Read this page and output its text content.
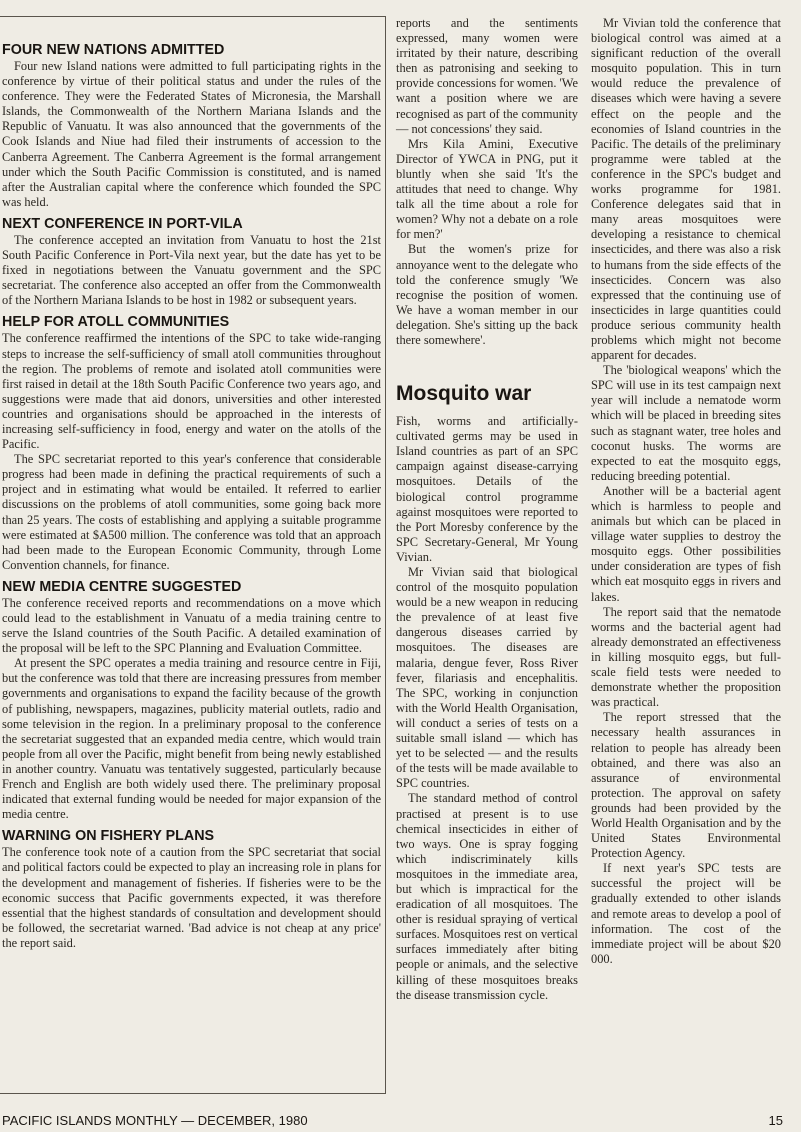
FOUR NEW NATIONS ADMITTED

Four new Island nations were admitted to full participating rights in the conference by virtue of their political status and under the rules of the conference. They were the Federated States of Micronesia, the Marshall Islands, the Commonwealth of the Northern Mariana Islands and the Republic of Vanuatu. It was also announced that the governments of the Cook Islands and Niue had filed their instruments of accession to the Canberra Agreement. The Canberra Agreement is the formal arrangement under which the South Pacific Commission is constituted, and is named after the Australian capital where the conference which founded the SPC was held.

NEXT CONFERENCE IN PORT-VILA

The conference accepted an invitation from Vanuatu to host the 21st South Pacific Conference in Port-Vila next year, but the date has yet to be fixed in negotiations between the Vanuatu government and the SPC secretariat. The conference also accepted an offer from the Commonwealth of the Northern Mariana Islands to be host in 1982 or subsequent years.

HELP FOR ATOLL COMMUNITIES

The conference reaffirmed the intentions of the SPC to take wide-ranging steps to increase the self-sufficiency of small atoll communities throughout the region. The problems of remote and isolated atoll communities were first raised in detail at the 18th South Pacific Conference two years ago, and suggestions were made that aid donors, universities and other interested countries and organisations should be approached in the interests of increasing self-sufficiency in food, energy and water on the atolls of the Pacific.

The SPC secretariat reported to this year's conference that considerable progress had been made in defining the practical requirements of such a project and in estimating what would be entailed. It referred to earlier discussions on the problems of atoll communities, some going back more than 25 years. The costs of establishing and applying a suitable programme were estimated at $A500 million. The conference was told that an approach had been made to the European Economic Community, through Lome Convention channels, for finance.

NEW MEDIA CENTRE SUGGESTED

The conference received reports and recommendations on a move which could lead to the establishment in Vanuatu of a media training centre to serve the Island countries of the South Pacific. A detailed examination of the proposal will be left to the SPC Planning and Evaluation Committee.

At present the SPC operates a media training and resource centre in Fiji, but the conference was told that there are increasing pressures from member governments and organisations to expand the facility because of the growth of publishing, newspapers, magazines, publicity material outlets, radio and some television in the region. In a preliminary proposal to the conference the secretariat suggested that an expanded media centre, which would train people from all over the Pacific, might benefit from being newly established in another country. Vanuatu was tentatively suggested, particularly because French and English are both widely used there. The preliminary proposal indicated that external funding would be needed for major expansion of the media centre.

WARNING ON FISHERY PLANS

The conference took note of a caution from the SPC secretariat that social and political factors could be expected to play an increasing role in plans for the development and management of fisheries. If fisheries were to be the economic success that Pacific governments expected, it was therefore essential that the highest standards of consultation and development should be followed, the secretariat warned. 'Bad advice is not cheap at any price' the report said.

reports and the sentiments expressed, many women were irritated by their nature, describing then as patronising and seeking to provide concessions for women. 'We want a position where we are recognised as part of the community — not concessions' they said.

Mrs Kila Amini, Executive Director of YWCA in PNG, put it bluntly when she said 'It's the attitudes that need to change. Why talk all the time about a role for women? Why not a debate on a role for men?'

But the women's prize for annoyance went to the delegate who told the conference smugly 'We recognise the position of women. We have a woman member in our delegation. She's sitting up the back there somewhere'.

Mosquito war

Fish, worms and artificially-cultivated germs may be used in Island countries as part of an SPC campaign against disease-carrying mosquitoes. Details of the biological control programme against mosquitoes were reported to the Port Moresby conference by the SPC Secretary-General, Mr Young Vivian.

Mr Vivian said that biological control of the mosquito population would be a new weapon in reducing the prevalence of at least five dangerous diseases carried by mosquitoes. The diseases are malaria, dengue fever, Ross River fever, filariasis and encephalitis. The SPC, working in conjunction with the World Health Organisation, will conduct a series of tests on a suitable small island — which has yet to be selected — and the results of the tests will be made available to SPC countries.

The standard method of control practised at present is to use chemical insecticides in either of two ways. One is spray fogging which indiscriminately kills mosquitoes in the immediate area, but which is impractical for the eradication of all mosquitoes. The other is residual spraying of vertical surfaces. Mosquitoes rest on vertical surfaces immediately after biting people or animals, and the selective killing of these mosquitoes breaks the disease transmission cycle.

Mr Vivian told the conference that biological control was aimed at a significant reduction of the overall mosquito population. This in turn would reduce the prevalence of diseases which were having a severe effect on the people and the economies of Island countries in the Pacific. The details of the preliminary programme were tabled at the conference in the SPC's budget and works programme for 1981. Conference delegates said that in many areas mosquitoes were developing a resistance to chemical insecticides, and there was also a risk to humans from the side effects of the insecticides. Concern was also expressed that the continuing use of insecticides in large quantities could produce serious community health problems which might not become apparent for decades.

The 'biological weapons' which the SPC will use in its test campaign next year will include a nematode worm which will be placed in breeding sites such as stagnant water, tree holes and coconut husks. The worms are expected to eat the mosquito eggs, reducing breeding potential.

Another will be a bacterial agent which is harmless to people and animals but which can be placed in village water supplies to destroy the mosquito eggs. Other possibilities under consideration are types of fish which eat mosquito eggs in rivers and lakes.

The report said that the nematode worms and the bacterial agent had already demonstrated an effectiveness in killing mosquito eggs, but full-scale field tests were needed to demonstrate whether the proposition was practical.

The report stressed that the necessary health assurances in relation to people has already been obtained, and there was also an assurance of environmental protection. The approval on safety grounds had been provided by the World Health Organisation and by the United States Environmental Protection Agency.

If next year's SPC tests are successful the project will be gradually extended to other islands and remote areas to develop a pool of information. The cost of the immediate project will be about $20 000.

PACIFIC ISLANDS MONTHLY — DECEMBER, 1980	15
